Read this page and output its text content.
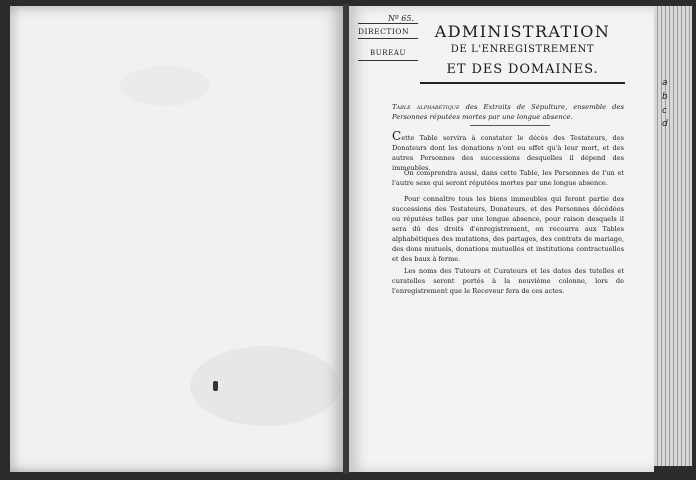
a
b
c
d
Nº 65.
DIRECTION
BUREAU
ADMINISTRATION
DE L'ENREGISTREMENT
ET DES DOMAINES.
Table alphabétique des Extraits de Sépulture, ensemble des Personnes réputées mortes par une longue absence.
Cette Table servira à constater le décès des Testateurs, des Donateurs dont les donations n'ont eu effet qu'à leur mort, et des autres Personnes des successions desquelles il dépend des immeubles.
On comprendra aussi, dans cette Table, les Personnes de l'un et l'autre sexe qui seront réputées mortes par une longue absence.
Pour connaître tous les biens immeubles qui feront partie des successions des Testateurs, Donateurs, et des Personnes décédées ou réputées telles par une longue absence, pour raison desquels il sera dû des droits d'enregistrement, on recourra aux Tables alphabétiques des mutations, des partages, des contrats de mariage, des dons mutuels, donations mutuelles et institutions contractuelles et des baux à ferme.
Les noms des Tuteurs et Curateurs et les dates des tutelles et curatelles seront portés à la neuvième colonne, lors de l'enregistrement que le Receveur fera de ces actes.
